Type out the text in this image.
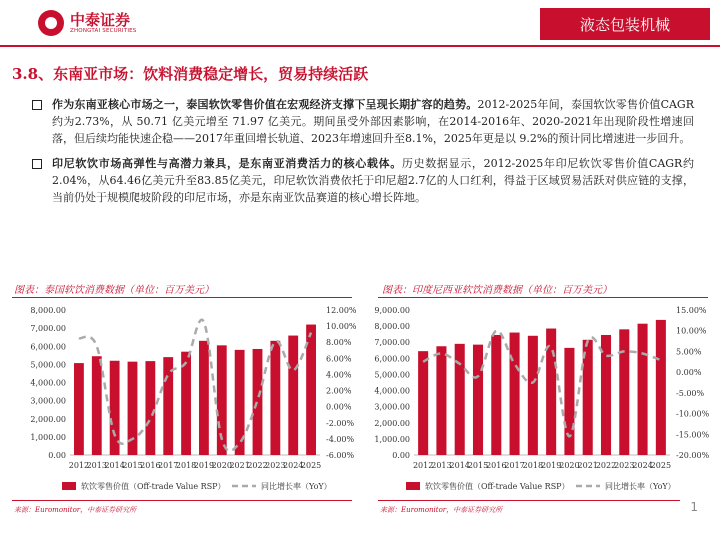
中泰证券
ZHONGTAI SECURITIES	液态包装机械
3.8、东南亚市场：饮料消费稳定增长，贸易持续活跃
作为东南亚核心市场之一，泰国软饮零售价值在宏观经济支撑下呈现长期扩容的趋势。2012-2025年间，泰国软饮零售价值CAGR约为2.73%，从 50.71 亿美元增至 71.97 亿美元。期间虽受外部因素影响，在2014-2016年、2020-2021年出现阶段性增速回落，但后续均能快速企稳——2017年重回增长轨道、2023年增速回升至8.1%，2025年更是以 9.2%的预计同比增速进一步回升。
印尼软饮市场高弹性与高潜力兼具，是东南亚消费活力的核心载体。历史数据显示，2012-2025年印尼软饮零售价值CAGR约2.04%，从64.46亿美元升至83.85亿美元，印尼软饮消费依托于印尼超2.7亿的人口红利，得益于区域贸易活跃对供应链的支撑，当前仍处于规模爬坡阶段的印尼市场，亦是东南亚饮品赛道的核心增长阵地。
图表：泰国软饮消费数据（单位：百万美元）	图表：印度尼西亚软饮消费数据（单位：百万美元）
0.00
1,000.00
2,000.00
3,000.00
4,000.00
5,000.00
6,000.00
7,000.00
8,000.00
-6.00%
-4.00%
-2.00%
0.00%
2.00%
4.00%
6.00%
8.00%
10.00%
12.00%
2012
2013
2014
2015
2016
2017
2018
2019
2020
2021
2022
2023
2024
2025
软饮零售价值（Off-trade Value RSP）	同比增长率（YoY）
0.00
1,000.00
2,000.00
3,000.00
4,000.00
5,000.00
6,000.00
7,000.00
8,000.00
9,000.00
-20.00%
-15.00%
-10.00%
-5.00%
0.00%
5.00%
10.00%
15.00%
2012
2013
2014
2015
2016
2017
2018
2019
2020
2021
2022
2023
2024
2025
软饮零售价值（Off-trade Value RSP）	同比增长率（YoY）
来源：Euromonitor，中泰证券研究所	来源：Euromonitor，中泰证券研究所	1
